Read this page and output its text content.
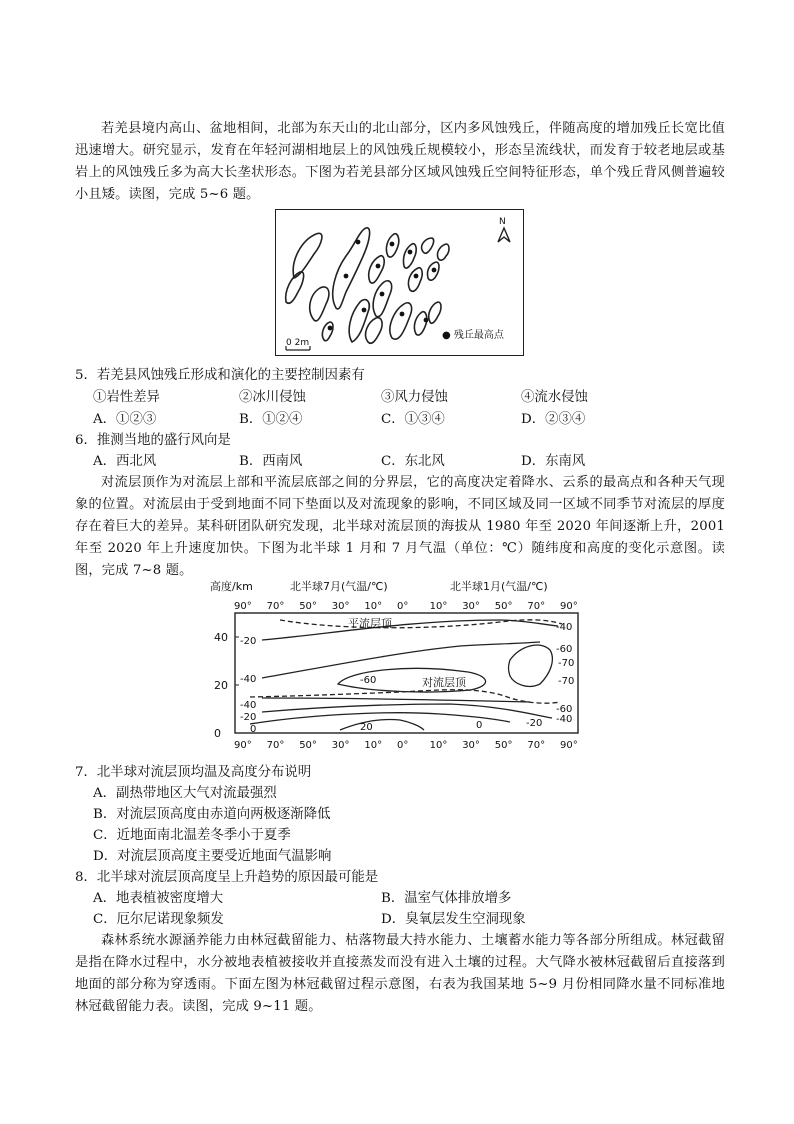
若羌县境内高山、盆地相间，北部为东天山的北山部分，区内多风蚀残丘，伴随高度的增加残丘长宽比值迅速增大。研究显示，发育在年轻河湖相地层上的风蚀残丘规模较小，形态呈流线状，而发育于较老地层或基岩上的风蚀残丘多为高大长垄状形态。下图为若羌县部分区域风蚀残丘空间特征形态，单个残丘背风侧普遍较小且矮。读图，完成 5~6 题。
N
0 2m
● 残丘最高点
5．若羌县风蚀残丘形成和演化的主要控制因素有
①岩性差异	②冰川侵蚀	③风力侵蚀	④流水侵蚀
A．①②③	B．①②④	C．①③④	D．②③④
6．推测当地的盛行风向是
A．西北风	B．西南风	C．东北风	D．东南风
对流层顶作为对流层上部和平流层底部之间的分界层，它的高度决定着降水、云系的最高点和各种天气现象的位置。对流层由于受到地面不同下垫面以及对流现象的影响，不同区域及同一区域不同季节对流层的厚度存在着巨大的差异。某科研团队研究发现，北半球对流层顶的海拔从 1980 年至 2020 年间逐渐上升，2001 年至 2020 年上升速度加快。下图为北半球 1 月和 7 月气温（单位：℃）随纬度和高度的变化示意图。读图，完成 7~8 题。
高度/km	北半球7月(气温/℃)	北半球1月(气温/℃)
90° 70° 50° 30° 10° 0° 10° 30° 50° 70° 90°
90° 70° 50° 30° 10° 0° 10° 30° 50° 70° 90°
40
20
0
平流层顶
对流层顶
-20
-40
-40
-20
0
-40
-60
-70
-70
-60
-40
-20
-60
20	0
7．北半球对流层顶均温及高度分布说明
A．副热带地区大气对流最强烈
B．对流层顶高度由赤道向两极逐渐降低
C．近地面南北温差冬季小于夏季
D．对流层顶高度主要受近地面气温影响
8．北半球对流层顶高度呈上升趋势的原因最可能是
A．地表植被密度增大	B．温室气体排放增多
C．厄尔尼诺现象频发	D．臭氧层发生空洞现象
森林系统水源涵养能力由林冠截留能力、枯落物最大持水能力、土壤蓄水能力等各部分所组成。林冠截留是指在降水过程中，水分被地表植被接收并直接蒸发而没有进入土壤的过程。大气降水被林冠截留后直接落到地面的部分称为穿透雨。下面左图为林冠截留过程示意图，右表为我国某地 5~9 月份相同降水量不同标准地林冠截留能力表。读图，完成 9~11 题。
